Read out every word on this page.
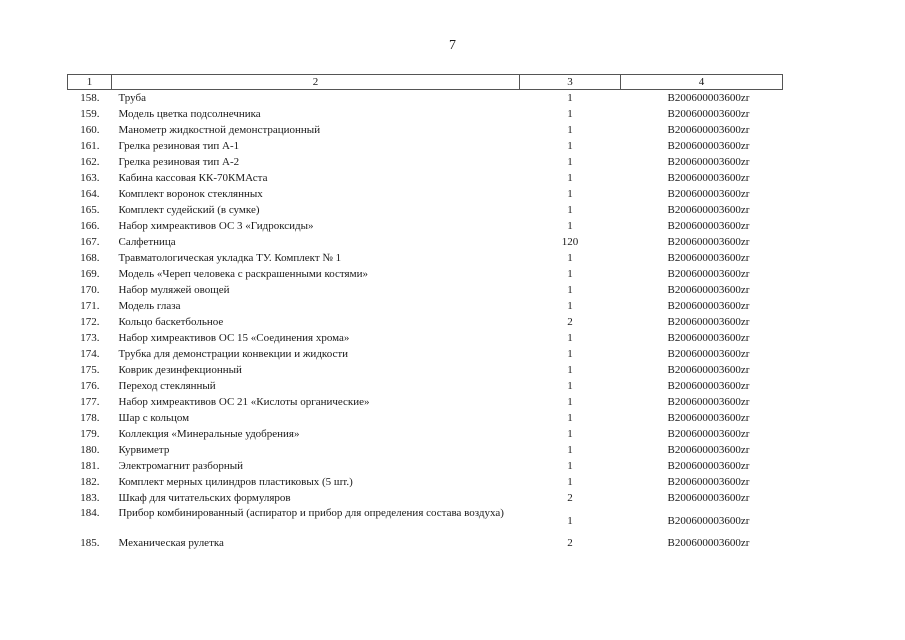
7
1	2	3	4
158.	Труба	1	B200600003600zr
159.	Модель цветка подсолнечника	1	B200600003600zr
160.	Манометр жидкостной демонстрационный	1	B200600003600zr
161.	Грелка резиновая тип А-1	1	B200600003600zr
162.	Грелка резиновая тип А-2	1	B200600003600zr
163.	Кабина кассовая КК-70КМАста	1	B200600003600zr
164.	Комплект воронок стеклянных	1	B200600003600zr
165.	Комплект судейский (в сумке)	1	B200600003600zr
166.	Набор химреактивов ОС 3 «Гидроксиды»	1	B200600003600zr
167.	Салфетница	120	B200600003600zr
168.	Травматологическая укладка ТУ. Комплект № 1	1	B200600003600zr
169.	Модель «Череп человека с раскрашенными костями»	1	B200600003600zr
170.	Набор муляжей овощей	1	B200600003600zr
171.	Модель глаза	1	B200600003600zr
172.	Кольцо баскетбольное	2	B200600003600zr
173.	Набор химреактивов ОС 15 «Соединения хрома»	1	B200600003600zr
174.	Трубка для демонстрации конвекции и жидкости	1	B200600003600zr
175.	Коврик дезинфекционный	1	B200600003600zr
176.	Переход стеклянный	1	B200600003600zr
177.	Набор химреактивов ОС 21 «Кислоты органические»	1	B200600003600zr
178.	Шар с кольцом	1	B200600003600zr
179.	Коллекция «Минеральные удобрения»	1	B200600003600zr
180.	Курвиметр	1	B200600003600zr
181.	Электромагнит разборный	1	B200600003600zr
182.	Комплект мерных цилиндров пластиковых (5 шт.)	1	B200600003600zr
183.	Шкаф для читательских формуляров	2	B200600003600zr
184.	Прибор комбинированный (аспиратор и прибор для определения состава воздуха)	1	B200600003600zr
185.	Механическая рулетка	2	B200600003600zr
